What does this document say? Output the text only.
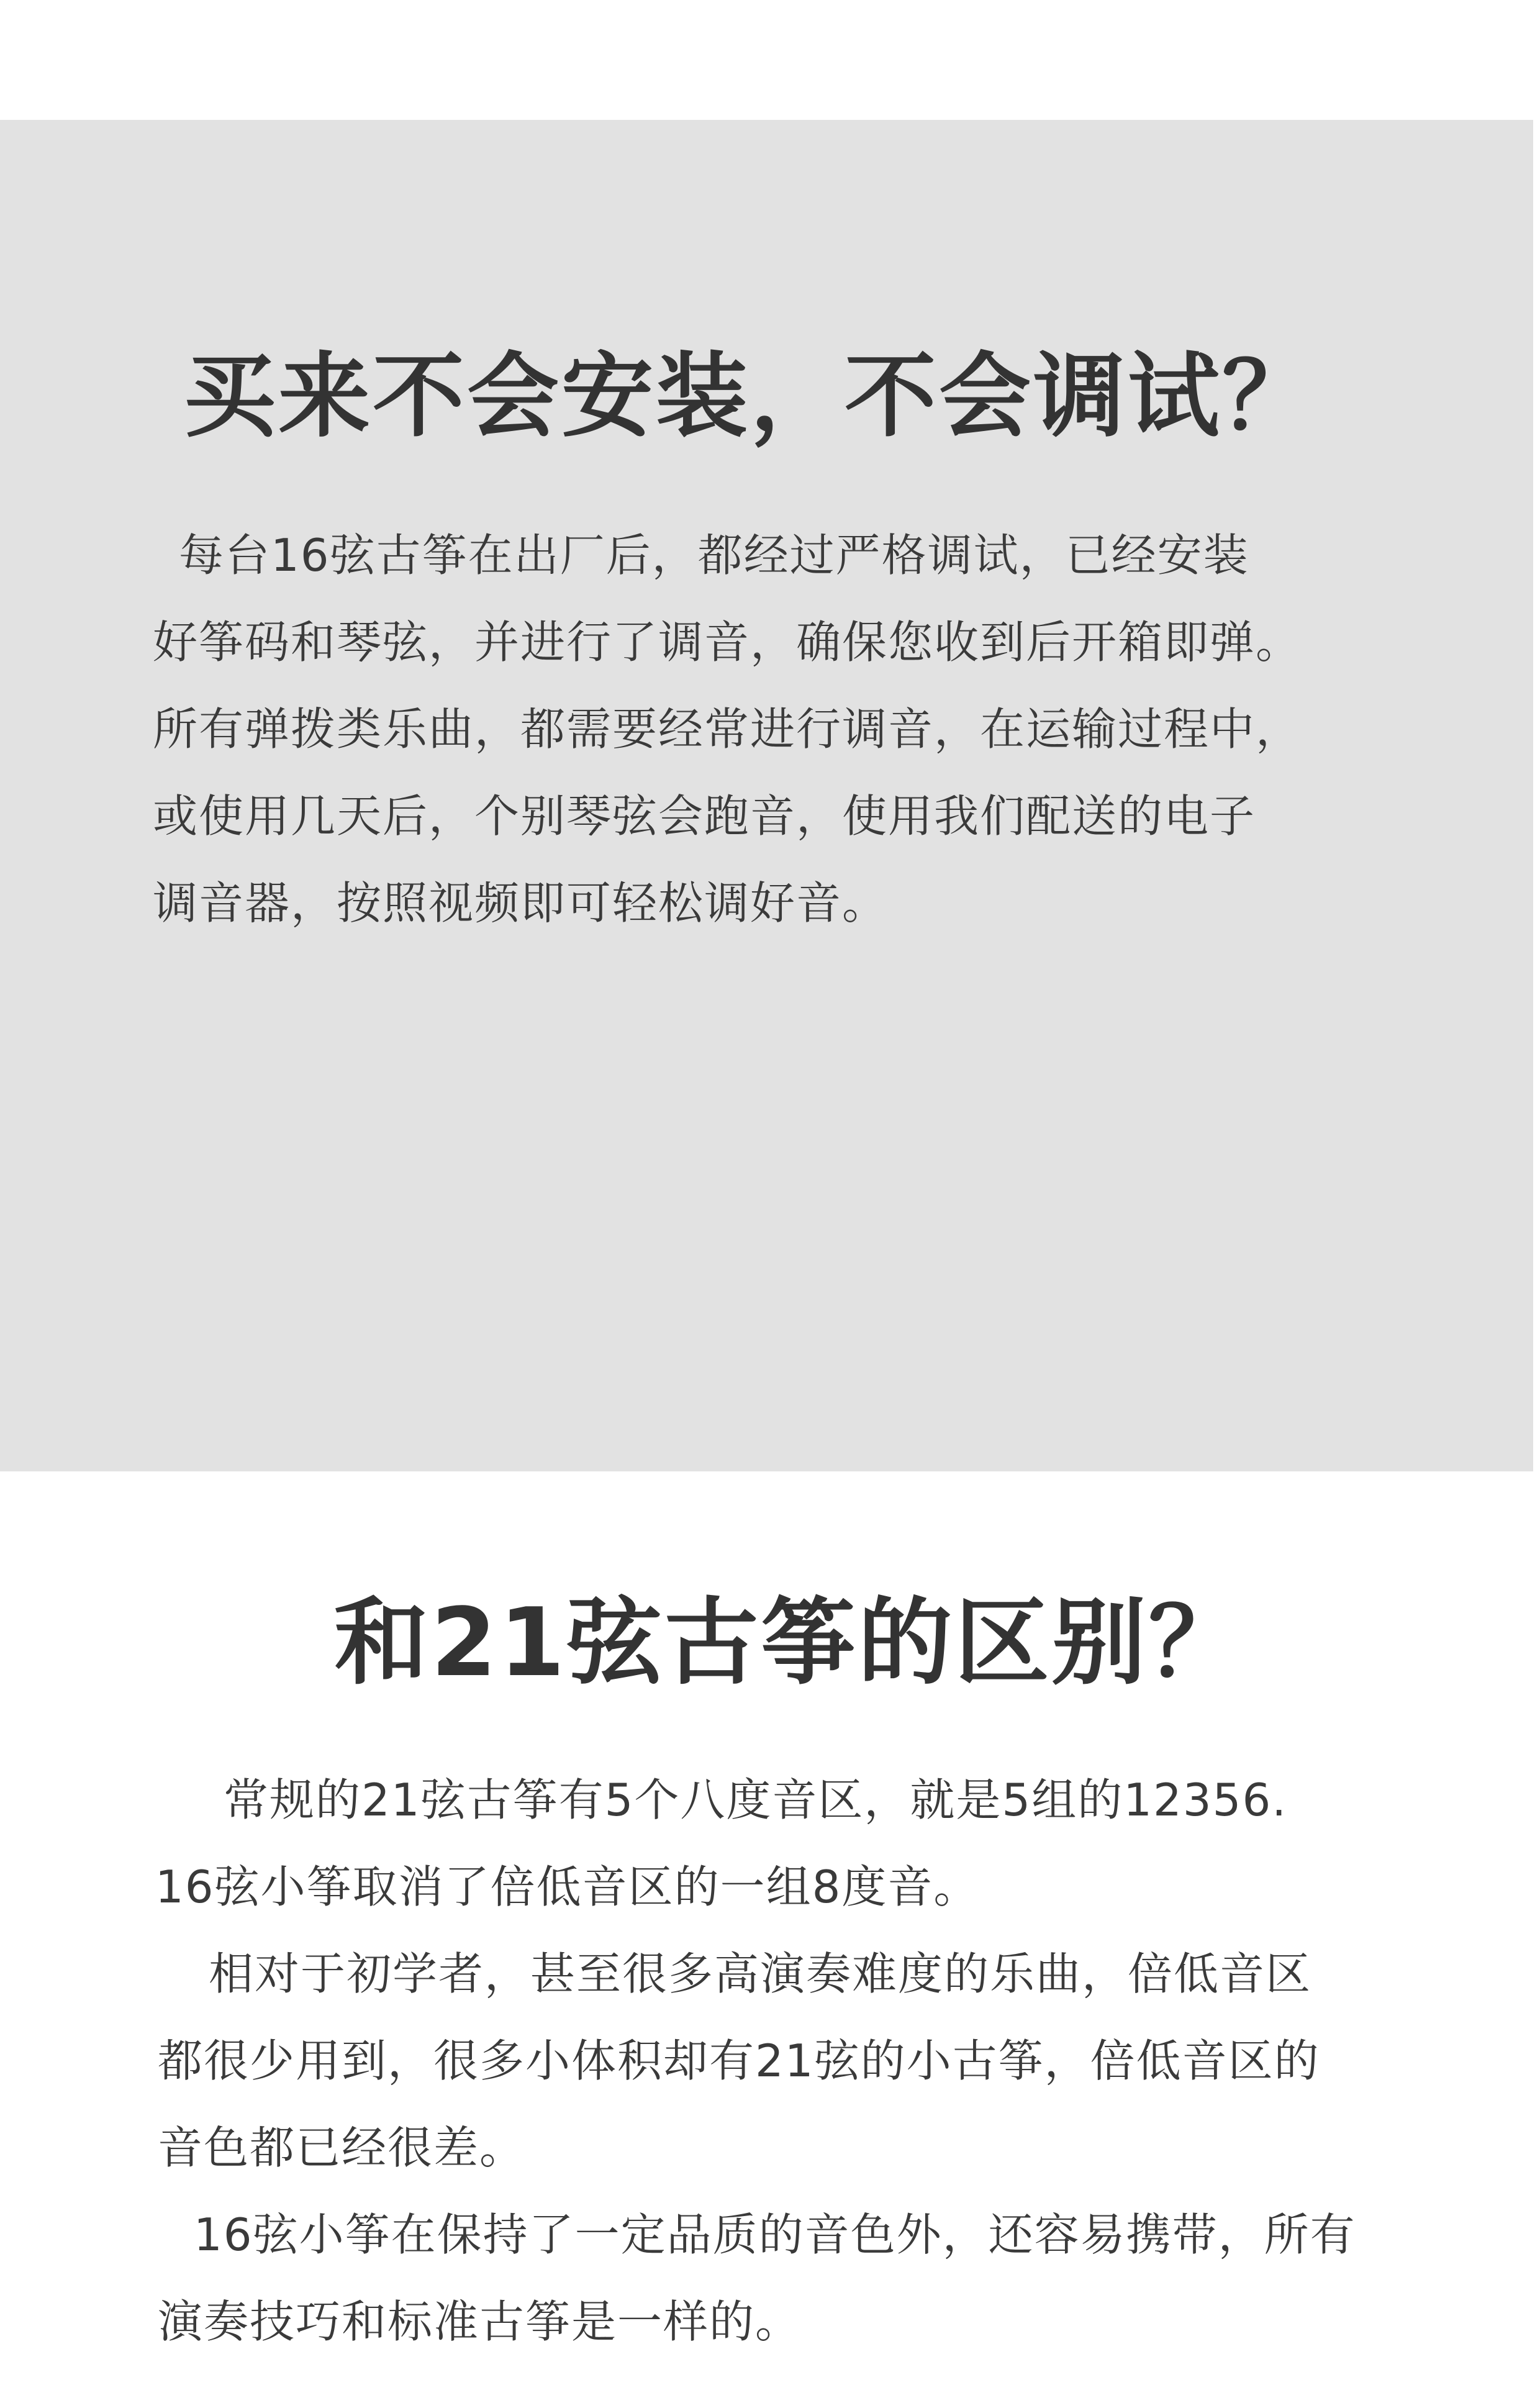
买来不会安装，不会调试？

每台16弦古筝在出厂后，都经过严格调试，已经安装

好筝码和琴弦，并进行了调音，确保您收到后开箱即弹。

所有弹拨类乐曲，都需要经常进行调音，在运输过程中，

或使用几天后，个别琴弦会跑音，使用我们配送的电子

调音器，按照视频即可轻松调好音。

和21弦古筝的区别？

常规的21弦古筝有5个八度音区，就是5组的12356.

16弦小筝取消了倍低音区的一组8度音。

相对于初学者，甚至很多高演奏难度的乐曲，倍低音区

都很少用到，很多小体积却有21弦的小古筝，倍低音区的

音色都已经很差。

16弦小筝在保持了一定品质的音色外，还容易携带，所有

演奏技巧和标准古筝是一样的。
